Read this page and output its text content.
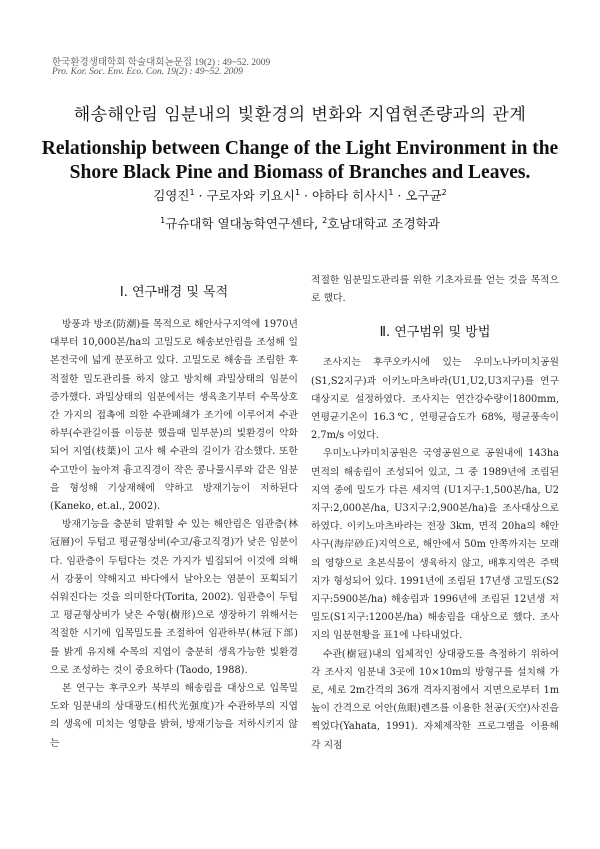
한국환경생태학회 학술대회논문집 19(2) : 49~52. 2009
Pro. Kor. Soc. Env. Eco. Con. 19(2) : 49~52. 2009
해송해안림 임분내의 빛환경의 변화와 지엽현존량과의 관계
Relationship between Change of the Light Environment in the Shore Black Pine and Biomass of Branches and Leaves.
김영진$^1$ · 구로자와 키요시$^1$ · 야하타 히사시$^1$ · 오구균$^2$
$^1$규슈대학 열대농학연구센타, $^2$호남대학교 조경학과
Ⅰ. 연구배경 및 목적

방풍과 방조(防潮)를 목적으로 해안사구지역에 1970년대부터 10,000본/ha의 고밀도로 해송보안림을 조성해 일본전국에 넓게 분포하고 있다. 고밀도로 해송을 조림한 후 적절한 밀도관리를 하지 않고 방치해 과밀상태의 임분이 증가했다. 과밀상태의 임분에서는 생육초기부터 수목상호간 가지의 접촉에 의한 수관폐쇄가 조기에 이루어져 수관하부(수관길이를 이등분 했을때 밑부분)의 빛환경이 악화되어 지엽(枝葉)이 고사 해 수관의 길이가 감소했다. 또한 수고만이 높아져 흉고직경이 작은 콩나물시루와 같은 임분을 형성해 기상재해에 약하고 방재기능이 저하된다 (Kaneko, et.al., 2002).

방재기능을 충분히 발휘할 수 있는 해안림은 임관층(林冠層)이 두텁고 평균형상비(수고/흉고직경)가 낮은 임분이다. 임관층이 두텁다는 것은 가지가 빌집되어 이것에 의해서 강풍이 약해지고 바다에서 날아오는 염분이 포획되기 쉬워진다는 것을 의미한다(Torita, 2002). 임관층이 두텁고 평균형상비가 낮은 수형(樹形)으로 생장하기 위해서는 적절한 시기에 입목밀도를 조절하여 임관하부(林冠下部)를 밝게 유지해 수목의 지엽이 충분히 생육가능한 빛환경으로 조성하는 것이 중요하다 (Taodo, 1988).

본 연구는 후쿠오카 북부의 해송림을 대상으로 입목밀도와 임분내의 상대광도(相代光强度)가 수관하부의 지엽의 생육에 미치는 영향을 밝혀, 방재기능을 저하시키지 않는

적절한 임분밀도관리를 위한 기초자료를 얻는 것을 목적으로 했다.

Ⅱ. 연구범위 및 방법

조사지는 후쿠오카시에 있는 우미노나카미치공원(S1,S2지구)과 이키노마츠바라(U1,U2,U3지구)를 연구대상지로 설정하였다. 조사지는 연간강수량이1800mm, 연평균기온이 16.3℃, 연평균습도가 68%, 평균풍속이 2.7m/s 이었다.

우미노나카미치공원은 국영공원으로 공원내에 143ha면적의 해송림이 조성되어 있고, 그 중 1989년에 조림된 지역 중에 밀도가 다른 세지역 (U1지구:1,500본/ha, U2지구:2,000본/ha, U3지구:2,900본/ha)을 조사대상으로 하였다. 이키노마츠바라는 전장 3km, 면적 20ha의 해안사구(海岸砂丘)지역으로, 해안에서 50m 안쪽까지는 모래의 영향으로 초본식물이 생육하지 않고, 배후지역은 주택지가 형성되어 있다. 1991년에 조림된 17년생 고밀도(S2지구:5900본/ha) 해송림과 1996년에 조림된 12년생 저밀도(S1지구:1200본/ha) 해송림을 대상으로 했다. 조사지의 임분현황을 표1에 나타내었다.

수관(樹冠)내의 입체적인 상대광도를 측정하기 위하여 각 조사지 임분내 3곳에 10×10m의 방형구를 설치해 가로, 세로 2m간격의 36개 격자지점에서 지면으로부터 1m높이 간격으로 어안(魚眼)렌즈를 이용한 천공(天空)사진을 찍었다(Yahata, 1991). 자체제작한 프로그램을 이용해 각 지점
